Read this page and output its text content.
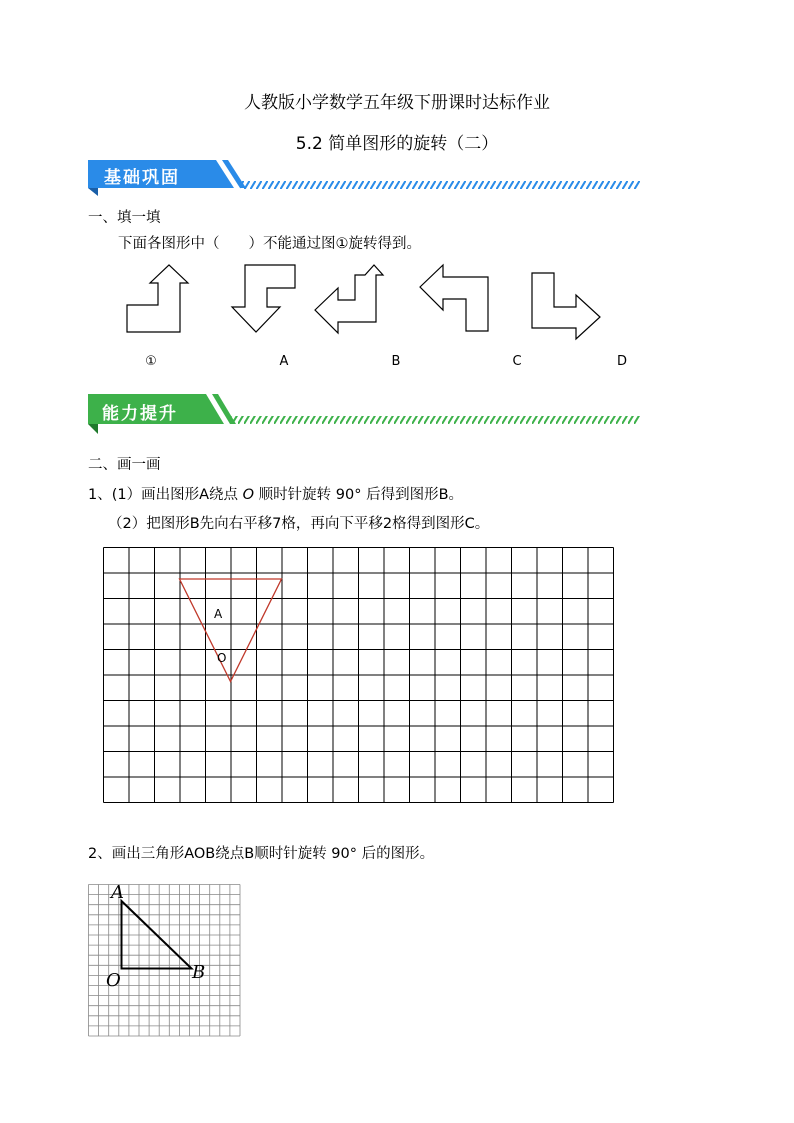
人教版小学数学五年级下册课时达标作业
5.2 简单图形的旋转（二）
基础巩固
一、填一填
下面各图形中（　　）不能通过图①旋转得到。
①	A	B	C	D
能力提升
二、画一画
1、(1）画出图形A绕点 O 顺时针旋转 90° 后得到图形B。
（2）把图形B先向右平移7格，再向下平移2格得到图形C。
A
O
2、画出三角形AOB绕点B顺时针旋转 90° 后的图形。
A
O	B
